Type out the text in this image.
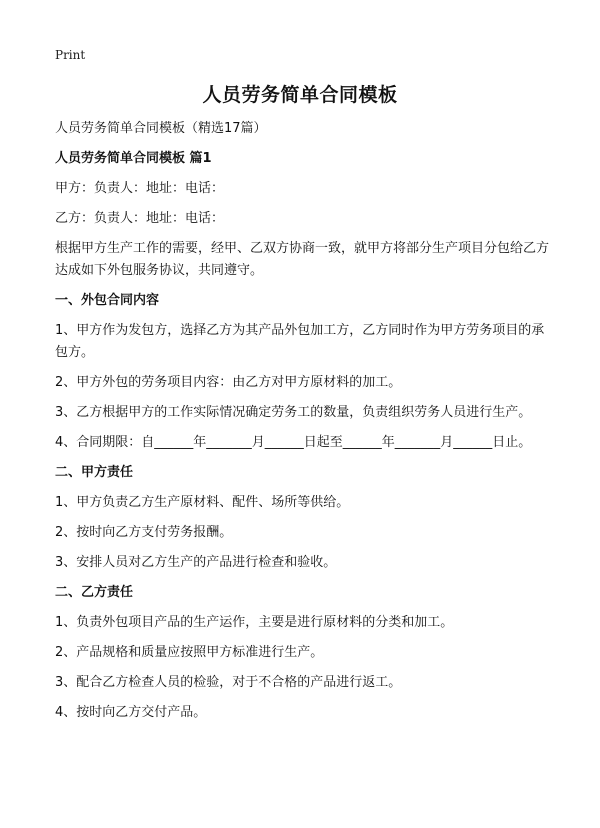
Print
人员劳务简单合同模板

人员劳务简单合同模板（精选17篇）

人员劳务简单合同模板 篇1

甲方：负责人：地址：电话：

乙方：负责人：地址：电话：

根据甲方生产工作的需要，经甲、乙双方协商一致，就甲方将部分生产项目分包给乙方达成如下外包服务协议，共同遵守。

一、外包合同内容

1、甲方作为发包方，选择乙方为其产品外包加工方，乙方同时作为甲方劳务项目的承包方。

2、甲方外包的劳务项目内容：由乙方对甲方原材料的加工。

3、乙方根据甲方的工作实际情况确定劳务工的数量，负责组织劳务人员进行生产。

4、合同期限：自______年_______月______日起至______年_______月______日止。

二、甲方责任

1、甲方负责乙方生产原材料、配件、场所等供给。

2、按时向乙方支付劳务报酬。

3、安排人员对乙方生产的产品进行检查和验收。

二、乙方责任

1、负责外包项目产品的生产运作，主要是进行原材料的分类和加工。

2、产品规格和质量应按照甲方标准进行生产。

3、配合乙方检查人员的检验，对于不合格的产品进行返工。

4、按时向乙方交付产品。
